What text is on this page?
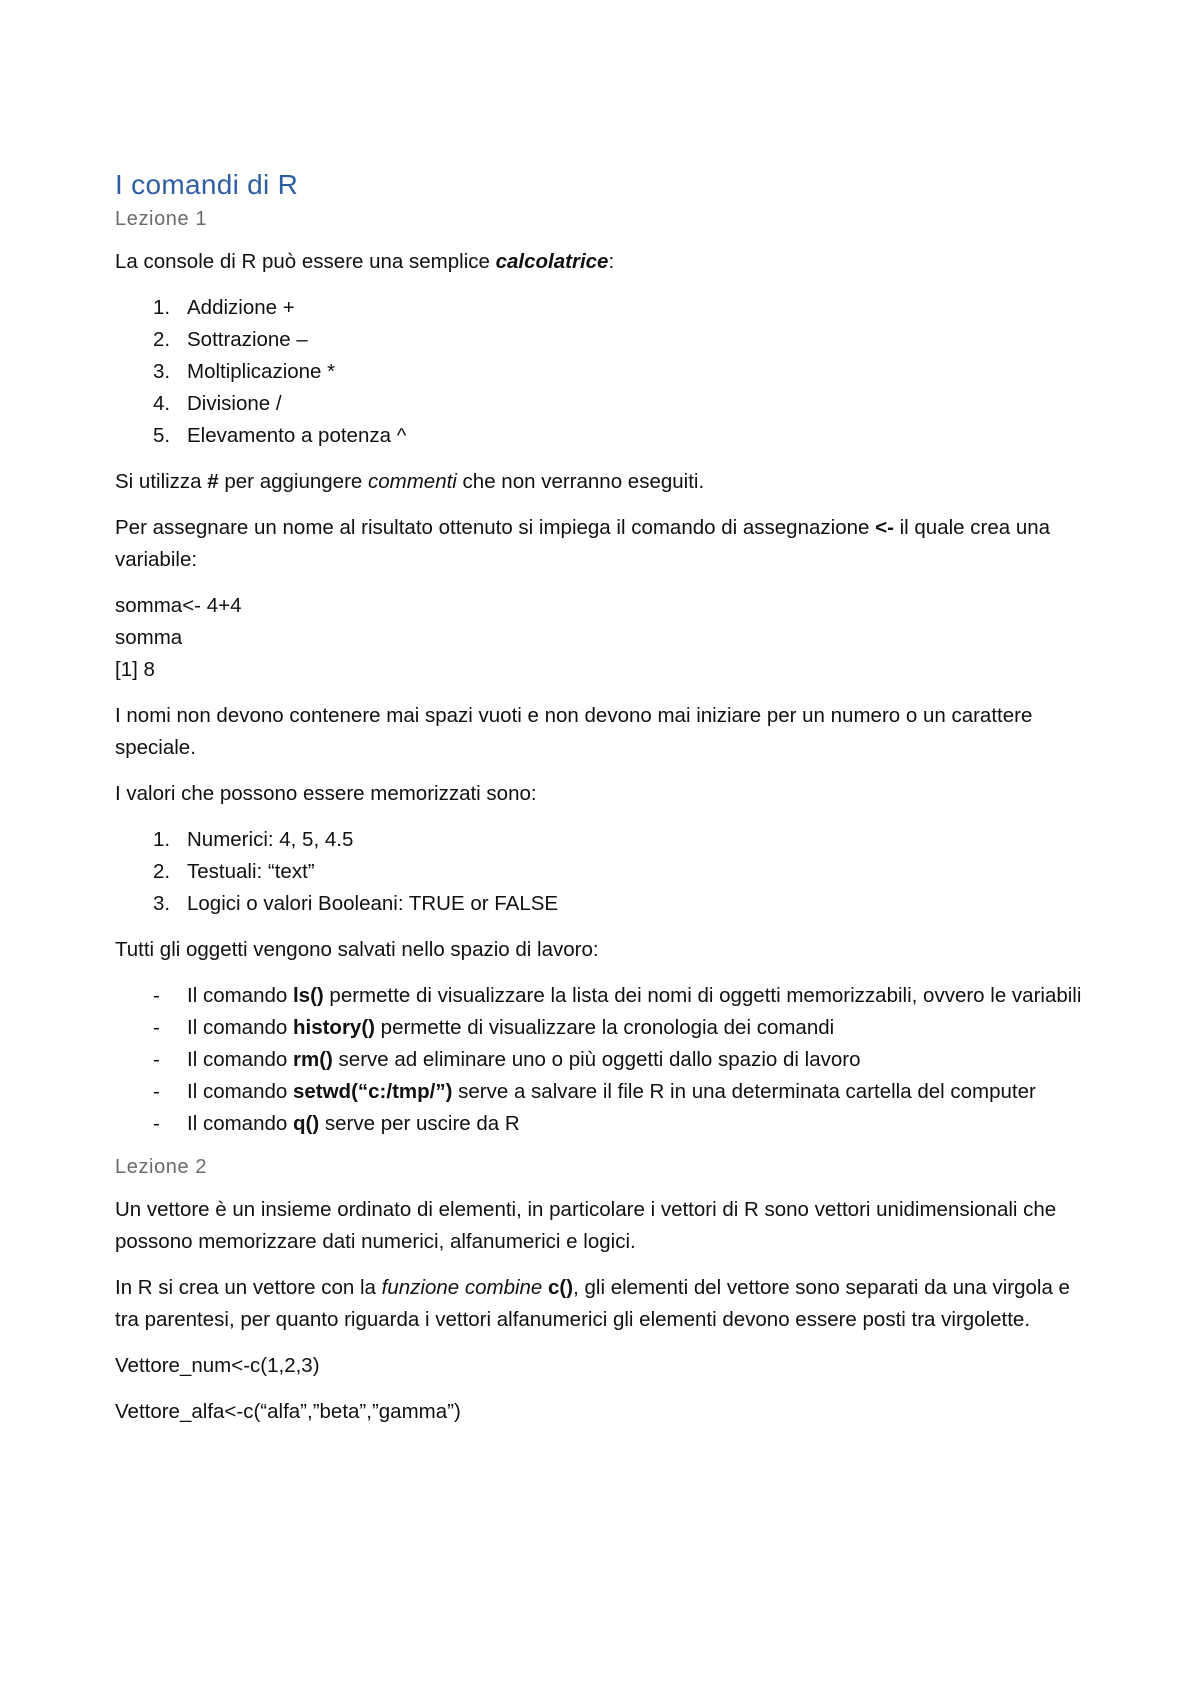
I comandi di R
Lezione 1

La console di R può essere una semplice calcolatrice:

1. Addizione +
2. Sottrazione –
3. Moltiplicazione *
4. Divisione /
5. Elevamento a potenza ^

Si utilizza # per aggiungere commenti che non verranno eseguiti.

Per assegnare un nome al risultato ottenuto si impiega il comando di assegnazione <- il quale crea una variabile:

somma<- 4+4
somma
[1] 8

I nomi non devono contenere mai spazi vuoti e non devono mai iniziare per un numero o un carattere speciale.

I valori che possono essere memorizzati sono:

1. Numerici: 4, 5, 4.5
2. Testuali: “text”
3. Logici o valori Booleani: TRUE or FALSE

Tutti gli oggetti vengono salvati nello spazio di lavoro:

- Il comando ls() permette di visualizzare la lista dei nomi di oggetti memorizzabili, ovvero le variabili
- Il comando history() permette di visualizzare la cronologia dei comandi
- Il comando rm() serve ad eliminare uno o più oggetti dallo spazio di lavoro
- Il comando setwd(“c:/tmp/”) serve a salvare il file R in una determinata cartella del computer
- Il comando q() serve per uscire da R
Lezione 2

Un vettore è un insieme ordinato di elementi, in particolare i vettori di R sono vettori unidimensionali che possono memorizzare dati numerici, alfanumerici e logici.

In R si crea un vettore con la funzione combine c(), gli elementi del vettore sono separati da una virgola e tra parentesi, per quanto riguarda i vettori alfanumerici gli elementi devono essere posti tra virgolette.

Vettore_num<-c(1,2,3)

Vettore_alfa<-c(“alfa”,”beta”,”gamma”)
